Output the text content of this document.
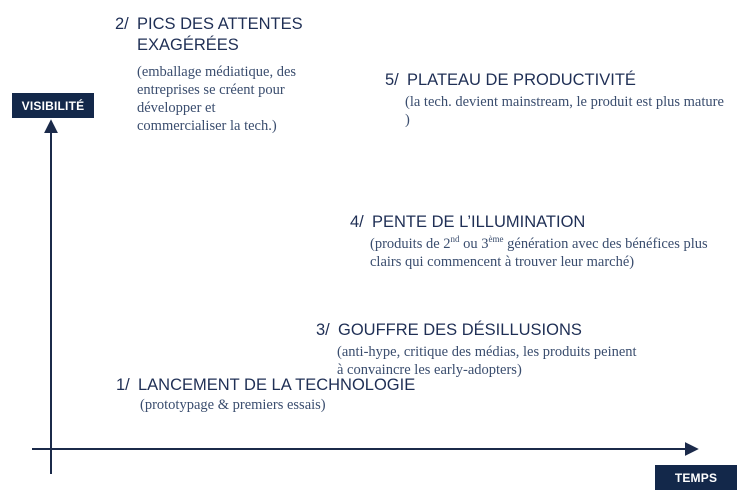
VISIBILITÉ
TEMPS
1/ LANCEMENT DE LA TECHNOLOGIE
(prototypage & premiers essais)
2/ PICS DES ATTENTES EXAGÉRÉES
(emballage médiatique, des entreprises se créent pour développer et commercialiser la tech.)
3/ GOUFFRE DES DÉSILLUSIONS
(anti-hype, critique des médias, les produits peinent à convaincre les early-adopters)
4/ PENTE DE L’ILLUMINATION
(produits de 2nd ou 3ème génération avec des bénéfices plus clairs qui commencent à trouver leur marché)
5/ PLATEAU DE PRODUCTIVITÉ
(la tech. devient mainstream, le produit est plus mature )
